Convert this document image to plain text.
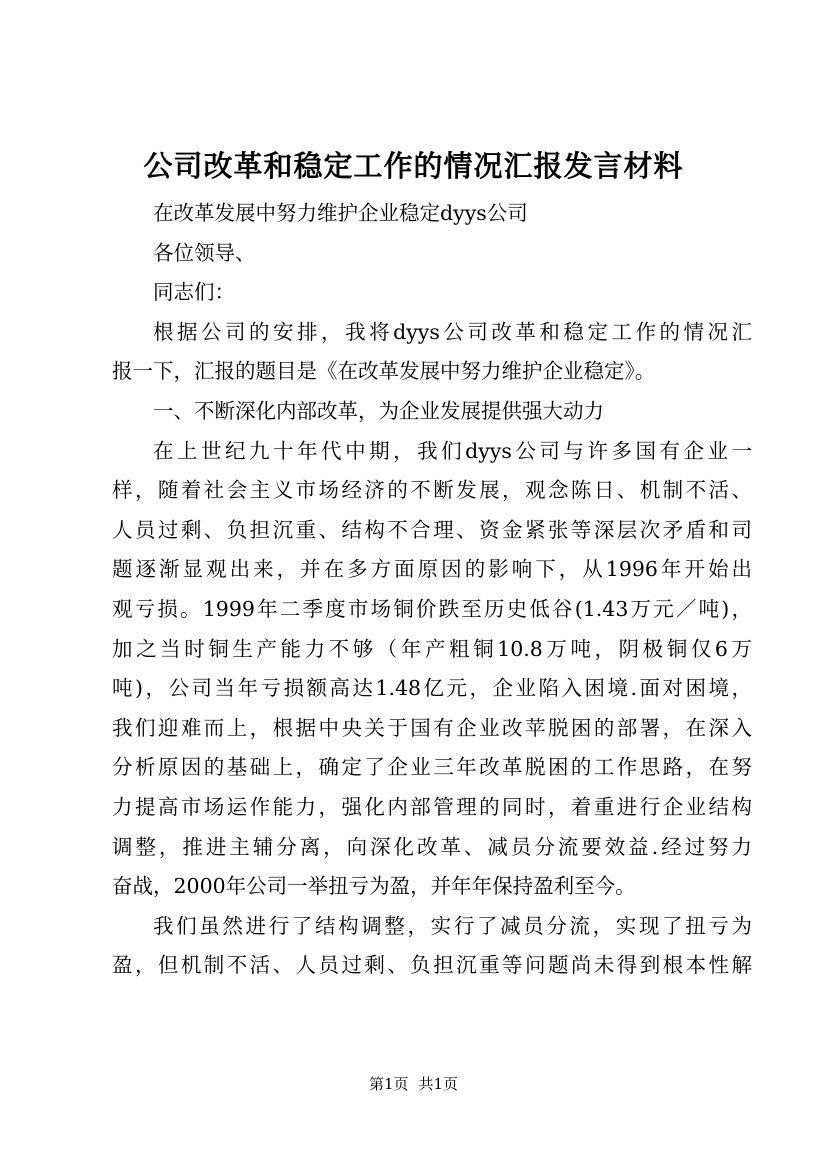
公司改革和稳定工作的情况汇报发言材料
在改革发展中努力维护企业稳定dyys公司
各位领导、
同志们：
根据公司的安排，我将dyys公司改革和稳定工作的情况汇
报一下，汇报的题目是《在改革发展中努力维护企业稳定》。
一、不断深化内部改革，为企业发展提供强大动力
在上世纪九十年代中期，我们dyys公司与许多国有企业一
样，随着社会主义市场经济的不断发展，观念陈日、机制不活、
人员过剩、负担沉重、结构不合理、资金紧张等深层次矛盾和司
题逐渐显观出来，并在多方面原因的影响下，从1996年开始出
观亏损。1999年二季度市场铜价跌至历史低谷(1.43万元／吨)，
加之当时铜生产能力不够（年产粗铜10.8万吨，阴极铜仅6万
吨)，公司当年亏损额高达1.48亿元，企业陷入困境.面对困境，
我们迎难而上，根据中央关于国有企业改苹脱困的部署，在深入
分析原因的基础上，确定了企业三年改革脱困的工作思路，在努
力提高市场运作能力，强化内部管理的同时，着重进行企业结构
调整，推进主辅分离，向深化改革、减员分流要效益.经过努力
奋战，2000年公司一举扭亏为盈，并年年保持盈利至今。
我们虽然进行了结构调整，实行了减员分流，实现了扭亏为
盈，但机制不活、人员过剩、负担沉重等问题尚未得到根本性解
第1页 共1页
